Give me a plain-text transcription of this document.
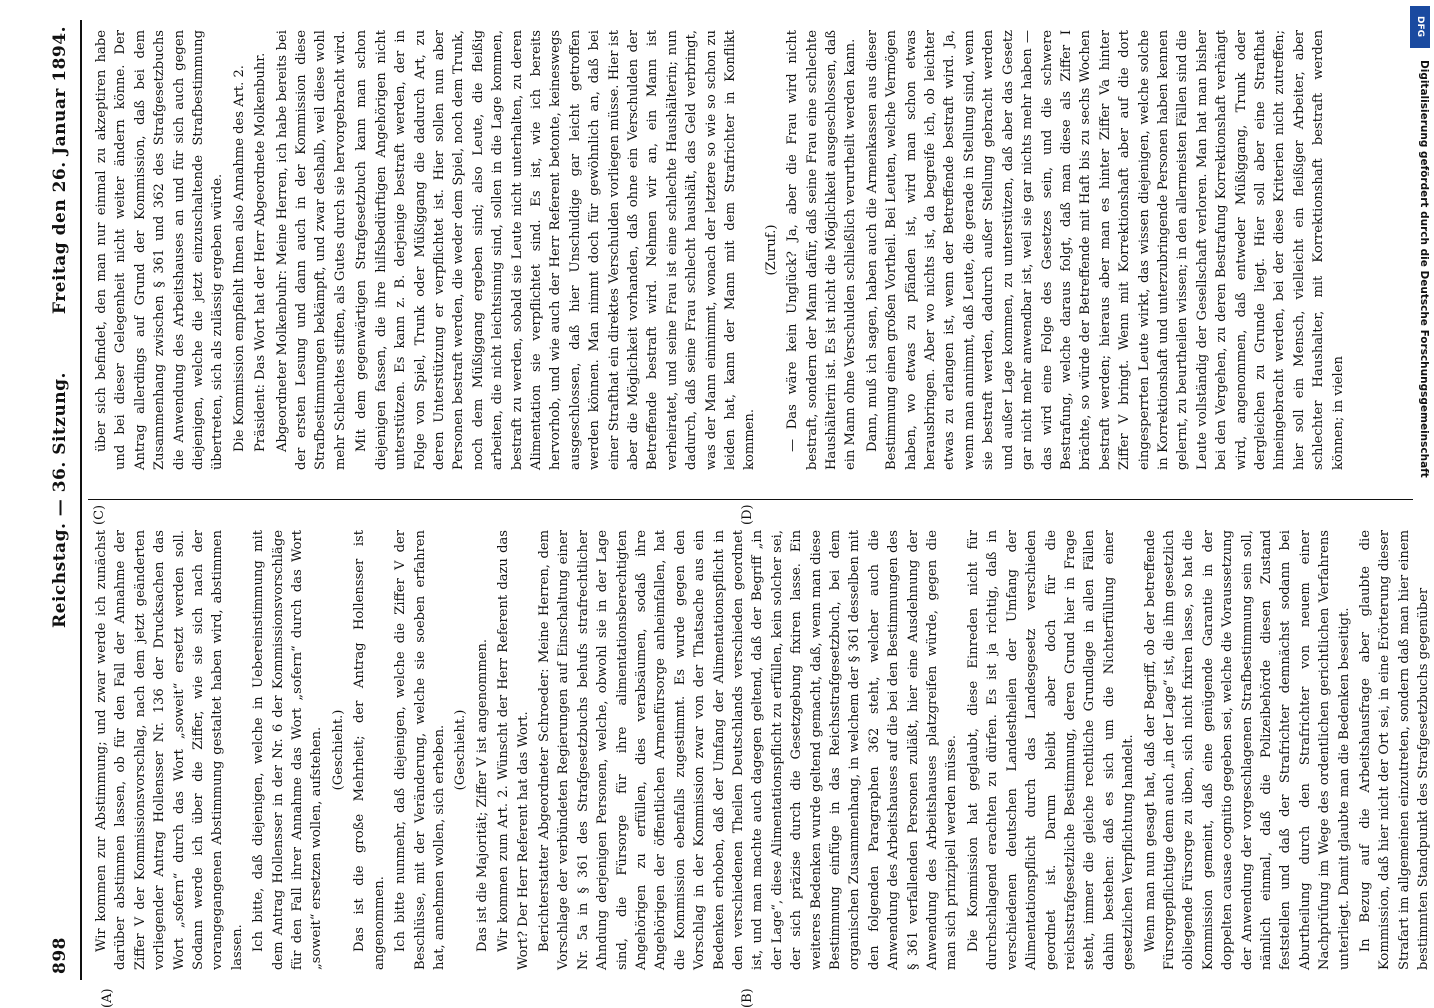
898
Reichstag. — 36. Sitzung.
Freitag den 26. Januar 1894.
(A)	(B)
(C)	(D)

Wir kommen zur Abstimmung; und zwar werde ich zunächst darüber abstimmen lassen, ob für den Fall der Annahme der Ziffer V der Kommissionsvorschlag, nach dem jetzt geänderten vorliegender Antrag Hollensser Nr. 136 der Drucksachen das Wort „sofern“ durch das Wort „soweit“ ersetzt werden soll. Sodann werde ich über die Ziffer, wie sie sich nach der vorangegangenen Abstimmung gestaltet haben wird, abstimmen lassen. Ich bitte, daß diejenigen, welche in Uebereinstimmung mit dem Antrag Hollensser in der Nr. 6 der Kommissionsvorschläge für den Fall ihrer Annahme das Wort „sofern“ durch das Wort „soweit“ ersetzen wollen, aufstehen. (Geschieht.) Das ist die große Mehrheit; der Antrag Hollensser ist angenommen. Ich bitte nunmehr, daß diejenigen, welche die Ziffer V der Beschlüsse, mit der Veränderung, welche sie soeben erfahren hat, annehmen wollen, sich erheben. (Geschieht.) Das ist die Majorität; Ziffer V ist angenommen. Wir kommen zum Art. 2. Wünscht der Herr Referent dazu das Wort? Der Herr Referent hat das Wort. Berichterstatter Abgeordneter Schroeder: Meine Herren, dem Vorschlage der verbündeten Regierungen auf Einschaltung einer Nr. 5a in § 361 des Strafgesetzbuchs behufs strafrechtlicher Ahndung derjenigen Personen, welche, obwohl sie in der Lage sind, die Fürsorge für ihre alimentationsberechtigten Angehörigen zu erfüllen, dies verabsäumen, sodaß ihre Angehörigen der öffentlichen Armenfürsorge anheimfallen, hat die Kommission ebenfalls zugestimmt. Es wurde gegen den Vorschlag in der Kommission zwar von der Thatsache aus ein Bedenken erhoben, daß der Umfang der Alimentationspflicht in den verschiedenen Theilen Deutschlands verschieden geordnet ist, und man machte auch dagegen geltend, daß der Begriff „in der Lage“, diese Alimentationspflicht zu erfüllen, kein solcher sei, der sich präzise durch die Gesetzgebung fixiren lasse. Ein weiteres Bedenken wurde geltend gemacht, daß, wenn man diese Bestimmung einfüge in das Reichsstrafgesetzbuch, bei dem organischen Zusammenhang, in welchem der § 361 desselben mit den folgenden Paragraphen 362 steht, welcher auch die Anwendung des Arbeitshauses auf die bei den Bestimmungen des § 361 verfallenden Personen zuläßt, hier eine Ausdehnung der Anwendung des Arbeitshauses platzgreifen würde, gegen die man sich prinzipiell werden müsse. Die Kommission hat geglaubt, diese Einreden nicht für durchschlagend erachten zu dürfen. Es ist ja richtig, daß in verschiedenen deutschen Landestheilen der Umfang der Alimentationspflicht durch das Landesgesetz verschieden geordnet ist. Darum bleibt aber doch für die reichsstrafgesetzliche Bestimmung, deren Grund hier in Frage steht, immer die gleiche rechtliche Grundlage in allen Fällen dahin bestehen: daß es sich um die Nichterfüllung einer gesetzlichen Verpflichtung handelt. Wenn man nun gesagt hat, daß der Begriff, ob der betreffende Fürsorgepflichtige denn auch „in der Lage“ ist, die ihm gesetzlich obliegende Fürsorge zu üben, sich nicht fixiren lasse, so hat die Kommission gemeint, daß eine genügende Garantie in der doppelten causae cognitio gegeben sei, welche die Voraussetzung der Anwendung der vorgeschlagenen Strafbestimmung sein soll, nämlich einmal, daß die Polizeibehörde diesen Zustand feststellen und daß der Strafrichter demnächst sodann bei Aburtheilung durch den Strafrichter von neuem einer Nachprüfung im Wege des ordentlichen gerichtlichen Verfahrens unterliegt. Damit glaubte man die Bedenken beseitigt. In Bezug auf die Arbeitshausfrage aber glaubte die Kommission, daß hier nicht der Ort sei, in eine Erörterung dieser Strafart im allgemeinen einzutreten, sondern daß man hier einem bestimmten Standpunkt des Strafgesetzbuchs gegenüber

über sich befindet, den man nur einmal zu akzeptiren habe und bei dieser Gelegenheit nicht weiter ändern könne. Der Antrag allerdings auf Grund der Kommission, daß bei dem Zusammenhang zwischen § 361 und 362 des Strafgesetzbuchs die Anwendung des Arbeitshauses an und für sich auch gegen diejenigen, welche die jetzt einzuschaltende Strafbestimmung übertreten, sich als zulässig ergeben würde. Die Kommission empfiehlt Ihnen also Annahme des Art. 2. Präsident: Das Wort hat der Herr Abgeordnete Molkenbuhr. Abgeordneter Molkenbuhr: Meine Herren, ich habe bereits bei der ersten Lesung und dann auch in der Kommission diese Strafbestimmungen bekämpft, und zwar deshalb, weil diese wohl mehr Schlechtes stiften, als Gutes durch sie hervorgebracht wird. Mit dem gegenwärtigen Strafgesetzbuch kann man schon diejenigen fassen, die ihre hilfsbedürftigen Angehörigen nicht unterstützen. Es kann z. B. derjenige bestraft werden, der in Folge von Spiel, Trunk oder Müßiggang die dadurch Art, zu deren Unterstützung er verpflichtet ist. Hier sollen nun aber Personen bestraft werden, die weder dem Spiel, noch dem Trunk, noch dem Müßiggang ergeben sind; also Leute, die fleißig arbeiten, die nicht leichtsinnig sind, sollen in die Lage kommen, bestraft zu werden, sobald sie Leute nicht unterhalten, zu deren Alimentation sie verpflichtet sind. Es ist, wie ich bereits hervorhob, und wie auch der Herr Referent betonte, keineswegs ausgeschlossen, daß hier Unschuldige gar leicht getroffen werden können. Man nimmt doch für gewöhnlich an, daß bei einer Strafthat ein direktes Verschulden vorliegen müsse. Hier ist aber die Möglichkeit vorhanden, daß ohne ein Verschulden der Betreffende bestraft wird. Nehmen wir an, ein Mann ist verheiratet, und seine Frau ist eine schlechte Haushälterin; nun dadurch, daß seine Frau schlecht haushält, das Geld verbringt, was der Mann einnimmt, wonach der letztere so wie so schon zu leiden hat, kann der Mann mit dem Strafrichter in Konflikt kommen.

(Zuruf.) — Das wäre kein Unglück? Ja, aber die Frau wird nicht bestraft, sondern der Mann dafür, daß seine Frau eine schlechte Haushälterin ist. Es ist nicht die Möglichkeit ausgeschlossen, daß ein Mann ohne Verschulden schließlich verurtheilt werden kann. Dann, muß ich sagen, haben auch die Armenkassen aus dieser Bestimmung einen großen Vortheil. Bei Leuten, welche Vermögen haben, wo etwas zu pfänden ist, wird man schon etwas herausbringen. Aber wo nichts ist, da begreife ich, ob leichter etwas zu erlangen ist, wenn der Betreffende bestraft wird. Ja, wenn man annimmt, daß Leute, die gerade in Stellung sind, wenn sie bestraft werden, dadurch außer Stellung gebracht werden und außer Lage kommen, zu unterstützen, daß aber das Gesetz gar nicht mehr anwendbar ist, weil sie gar nichts mehr haben — das wird eine Folge des Gesetzes sein, und die schwere Bestrafung, welche daraus folgt, daß man diese als Ziffer I brächte, so würde der Betreffende mit Haft bis zu sechs Wochen bestraft werden; hieraus aber man es hinter Ziffer Va hinter Ziffer V bringt. Wenn mit Korrektionshaft aber auf die dort eingesperrten Leute wirkt, das wissen diejenigen, welche solche in Korrektionshaft und unterzubringende Personen haben kennen gelernt, zu beurtheilen wissen; in den allermeisten Fällen sind die Leute vollständig der Gesellschaft verloren. Man hat man bisher bei den Vergehen, zu deren Bestrafung Korrektionshaft verhängt wird, angenommen, daß entweder Müßiggang, Trunk oder dergleichen zu Grunde liegt. Hier soll aber eine Strafthat hineingebracht werden, bei der diese Kriterien nicht zutreffen; hier soll ein Mensch, vielleicht ein fleißiger Arbeiter, aber schlechter Haushalter, mit Korrektionshaft bestraft werden können; in vielen

DFG
Digitalisierung gefördert durch die Deutsche Forschungsgemeinschaft
